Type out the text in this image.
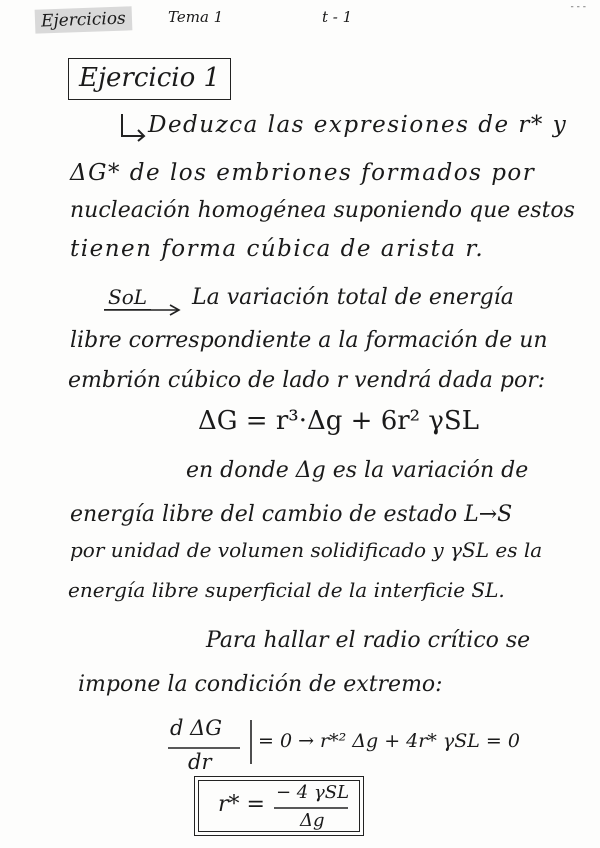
Ejercicios	Tema 1	t - 1
- - -
Ejercicio 1
Deduzca las expresiones de r* y
ΔG* de los embriones formados por
nucleación homogénea suponiendo que estos
tienen forma cúbica de arista r.
SoL La variación total de energía
libre correspondiente a la formación de un
embrión cúbico de lado r vendrá dada por:
ΔG = r³·Δg + 6r² γSL
en donde Δg es la variación de
energía libre del cambio de estado L→S
por unidad de volumen solidificado y γSL es la
energía libre superficial de la interficie SL.
Para hallar el radio crítico se
impone la condición de extremo:
d ΔG
dr
= 0 → r*² Δg + 4r* γSL = 0
r* = − 4 γSL
Δg
